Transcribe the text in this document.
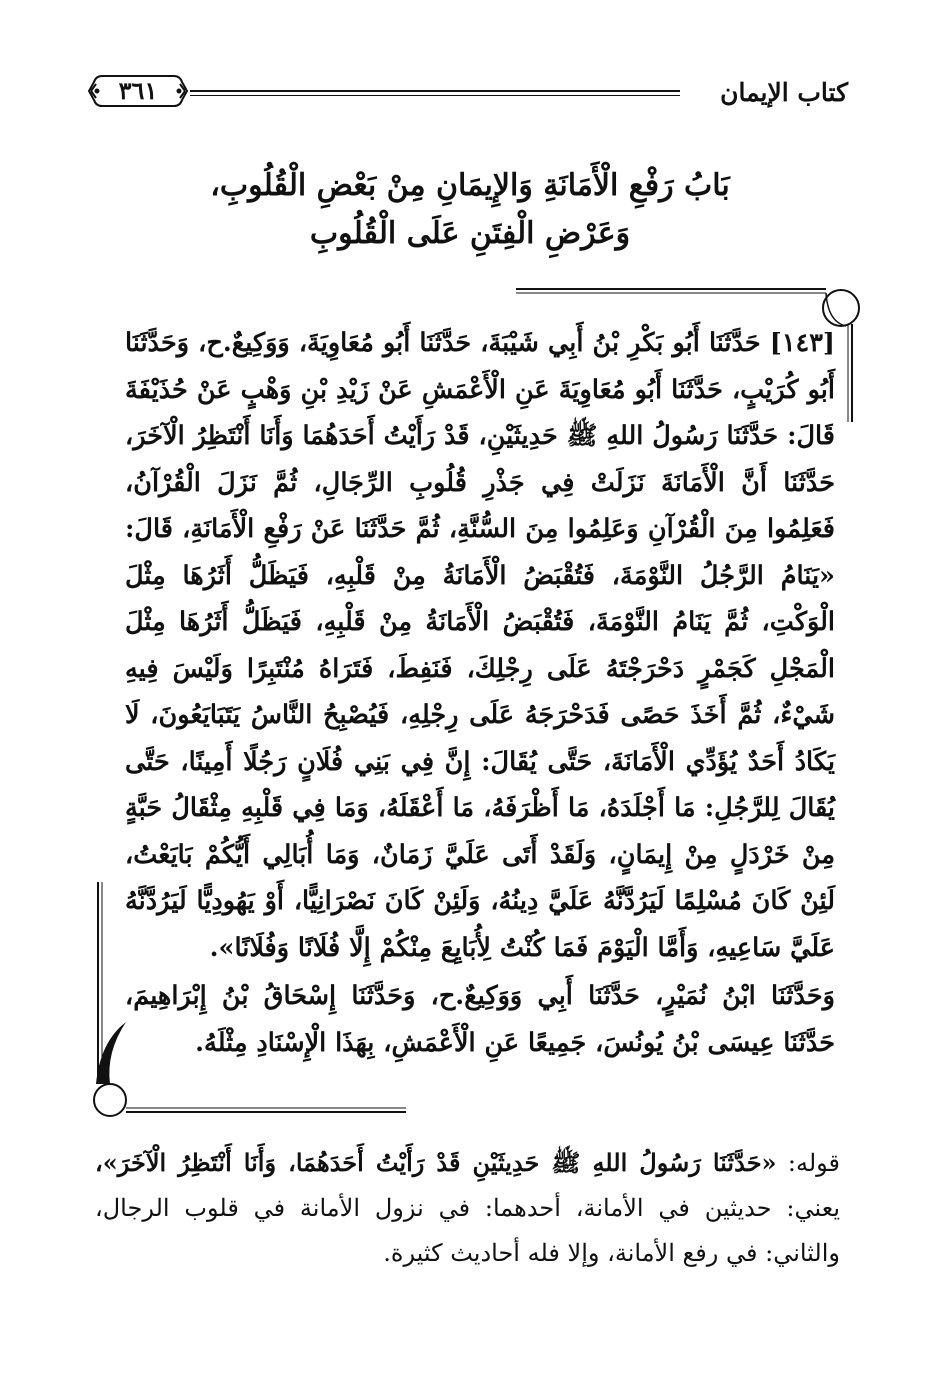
كتاب الإيمان
٣٦١
بَابُ رَفْعِ الْأَمَانَةِ وَالإِيمَانِ مِنْ بَعْضِ الْقُلُوبِ،
وَعَرْضِ الْفِتَنِ عَلَى الْقُلُوبِ

[١٤٣] حَدَّثَنَا أَبُو بَكْرِ بْنُ أَبِي شَيْبَةَ، حَدَّثَنَا أَبُو مُعَاوِيَةَ، وَوَكِيعٌ.ح، وَحَدَّثَنَا أَبُو كُرَيْبٍ، حَدَّثَنَا أَبُو مُعَاوِيَةَ عَنِ الْأَعْمَشِ عَنْ زَيْدِ بْنِ وَهْبٍ عَنْ حُذَيْفَةَ قَالَ: حَدَّثَنَا رَسُولُ اللهِ ﷺ حَدِيثَيْنِ، قَدْ رَأَيْتُ أَحَدَهُمَا وَأَنَا أَنْتَظِرُ الْآخَرَ، حَدَّثَنَا أَنَّ الْأَمَانَةَ نَزَلَتْ فِي جَذْرِ قُلُوبِ الرِّجَالِ، ثُمَّ نَزَلَ الْقُرْآنُ، فَعَلِمُوا مِنَ الْقُرْآنِ وَعَلِمُوا مِنَ السُّنَّةِ، ثُمَّ حَدَّثَنَا عَنْ رَفْعِ الْأَمَانَةِ، قَالَ: «يَنَامُ الرَّجُلُ النَّوْمَةَ، فَتُقْبَضُ الْأَمَانَةُ مِنْ قَلْبِهِ، فَيَظَلُّ أَثَرُهَا مِثْلَ الْوَكْتِ، ثُمَّ يَنَامُ النَّوْمَةَ، فَتُقْبَضُ الْأَمَانَةُ مِنْ قَلْبِهِ، فَيَظَلُّ أَثَرُهَا مِثْلَ الْمَجْلِ كَجَمْرٍ دَحْرَجْتَهُ عَلَى رِجْلِكَ، فَنَفِطَ، فَتَرَاهُ مُنْتَبِرًا وَلَيْسَ فِيهِ شَيْءٌ، ثُمَّ أَخَذَ حَصًى فَدَحْرَجَهُ عَلَى رِجْلِهِ، فَيُصْبِحُ النَّاسُ يَتَبَايَعُونَ، لَا يَكَادُ أَحَدٌ يُؤَدِّي الْأَمَانَةَ، حَتَّى يُقَالَ: إِنَّ فِي بَنِي فُلَانٍ رَجُلًا أَمِينًا، حَتَّى يُقَالَ لِلرَّجُلِ: مَا أَجْلَدَهُ، مَا أَظْرَفَهُ، مَا أَعْقَلَهُ، وَمَا فِي قَلْبِهِ مِثْقَالُ حَبَّةٍ مِنْ خَرْدَلٍ مِنْ إِيمَانٍ، وَلَقَدْ أَتَى عَلَيَّ زَمَانٌ، وَمَا أُبَالِي أَيُّكُمْ بَايَعْتُ، لَئِنْ كَانَ مُسْلِمًا لَيَرُدَّنَّهُ عَلَيَّ دِينُهُ، وَلَئِنْ كَانَ نَصْرَانِيًّا، أَوْ يَهُودِيًّا لَيَرُدَّنَّهُ عَلَيَّ سَاعِيهِ، وَأَمَّا الْيَوْمَ فَمَا كُنْتُ لِأُبَايِعَ مِنْكُمْ إِلَّا فُلَانًا وَفُلَانًا».

وَحَدَّثَنَا ابْنُ نُمَيْرٍ، حَدَّثَنَا أَبِي وَوَكِيعٌ.ح، وَحَدَّثَنَا إِسْحَاقُ بْنُ إِبْرَاهِيمَ، حَدَّثَنَا عِيسَى بْنُ يُونُسَ، جَمِيعًا عَنِ الْأَعْمَشِ، بِهَذَا الْإِسْنَادِ مِثْلَهُ.

قوله: «حَدَّثَنَا رَسُولُ اللهِ ﷺ حَدِيثَيْنِ قَدْ رَأَيْتُ أَحَدَهُمَا، وَأَنَا أَنْتَظِرُ الْآخَرَ»، يعني: حديثين في الأمانة، أحدهما: في نزول الأمانة في قلوب الرجال، والثاني: في رفع الأمانة، وإلا فله أحاديث كثيرة.
